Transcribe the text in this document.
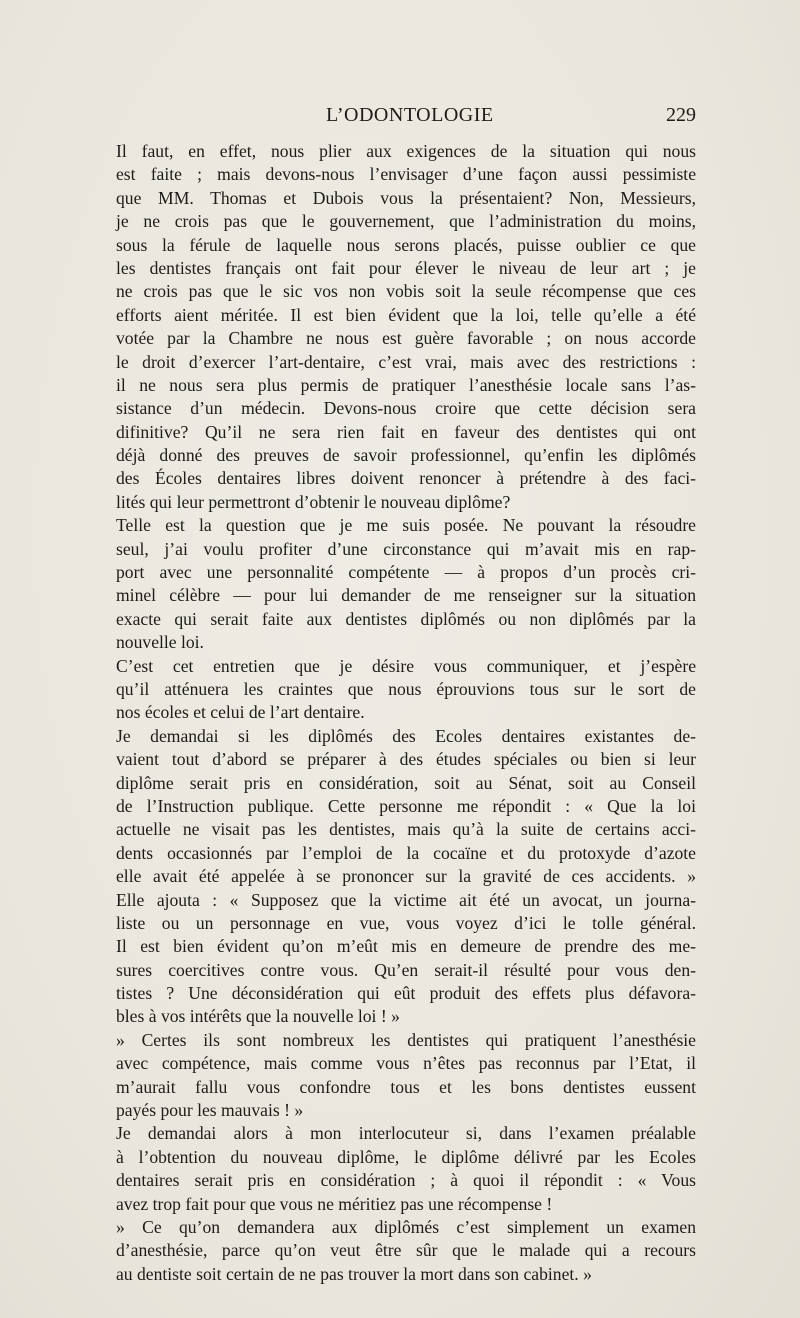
L’ODONTOLOGIE	229

Il faut, en effet, nous plier aux exigences de la situation qui nous
est faite ; mais devons-nous l’envisager d’une façon aussi pessimiste
que MM. Thomas et Dubois vous la présentaient? Non, Messieurs,
je ne crois pas que le gouvernement, que l’administration du moins,
sous la férule de laquelle nous serons placés, puisse oublier ce que
les dentistes français ont fait pour élever le niveau de leur art ; je
ne crois pas que le sic vos non vobis soit la seule récompense que ces
efforts aient méritée. Il est bien évident que la loi, telle qu’elle a été
votée par la Chambre ne nous est guère favorable ; on nous accorde
le droit d’exercer l’art-dentaire, c’est vrai, mais avec des restrictions :
il ne nous sera plus permis de pratiquer l’anesthésie locale sans l’as-
sistance d’un médecin. Devons-nous croire que cette décision sera
difinitive? Qu’il ne sera rien fait en faveur des dentistes qui ont
déjà donné des preuves de savoir professionnel, qu’enfin les diplômés
des Écoles dentaires libres doivent renoncer à prétendre à des faci-
lités qui leur permettront d’obtenir le nouveau diplôme?

Telle est la question que je me suis posée. Ne pouvant la résoudre
seul, j’ai voulu profiter d’une circonstance qui m’avait mis en rap-
port avec une personnalité compétente — à propos d’un procès cri-
minel célèbre — pour lui demander de me renseigner sur la situation
exacte qui serait faite aux dentistes diplômés ou non diplômés par la
nouvelle loi.

C’est cet entretien que je désire vous communiquer, et j’espère
qu’il atténuera les craintes que nous éprouvions tous sur le sort de
nos écoles et celui de l’art dentaire.

Je demandai si les diplômés des Ecoles dentaires existantes de-
vaient tout d’abord se préparer à des études spéciales ou bien si leur
diplôme serait pris en considération, soit au Sénat, soit au Conseil
de l’Instruction publique. Cette personne me répondit : « Que la loi
actuelle ne visait pas les dentistes, mais qu’à la suite de certains acci-
dents occasionnés par l’emploi de la cocaïne et du protoxyde d’azote
elle avait été appelée à se prononcer sur la gravité de ces accidents. »
Elle ajouta : « Supposez que la victime ait été un avocat, un journa-
liste ou un personnage en vue, vous voyez d’ici le tolle général.
Il est bien évident qu’on m’eût mis en demeure de prendre des me-
sures coercitives contre vous. Qu’en serait-il résulté pour vous den-
tistes ? Une déconsidération qui eût produit des effets plus défavora-
bles à vos intérêts que la nouvelle loi ! »

» Certes ils sont nombreux les dentistes qui pratiquent l’anesthésie
avec compétence, mais comme vous n’êtes pas reconnus par l’Etat, il
m’aurait fallu vous confondre tous et les bons dentistes eussent
payés pour les mauvais ! »

Je demandai alors à mon interlocuteur si, dans l’examen préalable
à l’obtention du nouveau diplôme, le diplôme délivré par les Ecoles
dentaires serait pris en considération ; à quoi il répondit : « Vous
avez trop fait pour que vous ne méritiez pas une récompense !

» Ce qu’on demandera aux diplômés c’est simplement un examen
d’anesthésie, parce qu’on veut être sûr que le malade qui a recours
au dentiste soit certain de ne pas trouver la mort dans son cabinet. »
